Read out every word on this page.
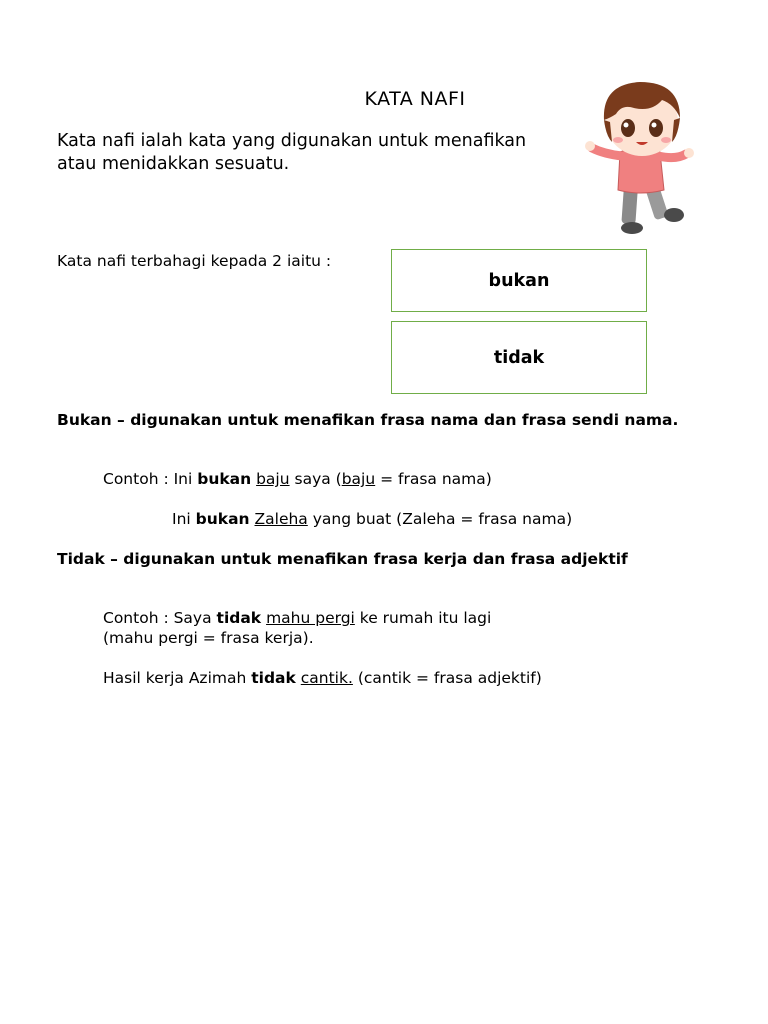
KATA NAFI
Kata nafi ialah kata yang digunakan untuk menafikan
atau menidakkan sesuatu.
Kata nafi terbahagi kepada 2 iaitu :
bukan
tidak
Bukan – digunakan untuk menafikan frasa nama dan frasa sendi nama.
Contoh : Ini bukan baju saya (baju = frasa nama)
Ini bukan Zaleha yang buat (Zaleha = frasa nama)
Tidak – digunakan untuk menafikan frasa kerja dan frasa adjektif
Contoh : Saya tidak mahu pergi ke rumah itu lagi
(mahu pergi = frasa kerja).
Hasil kerja Azimah tidak cantik. (cantik = frasa adjektif)
